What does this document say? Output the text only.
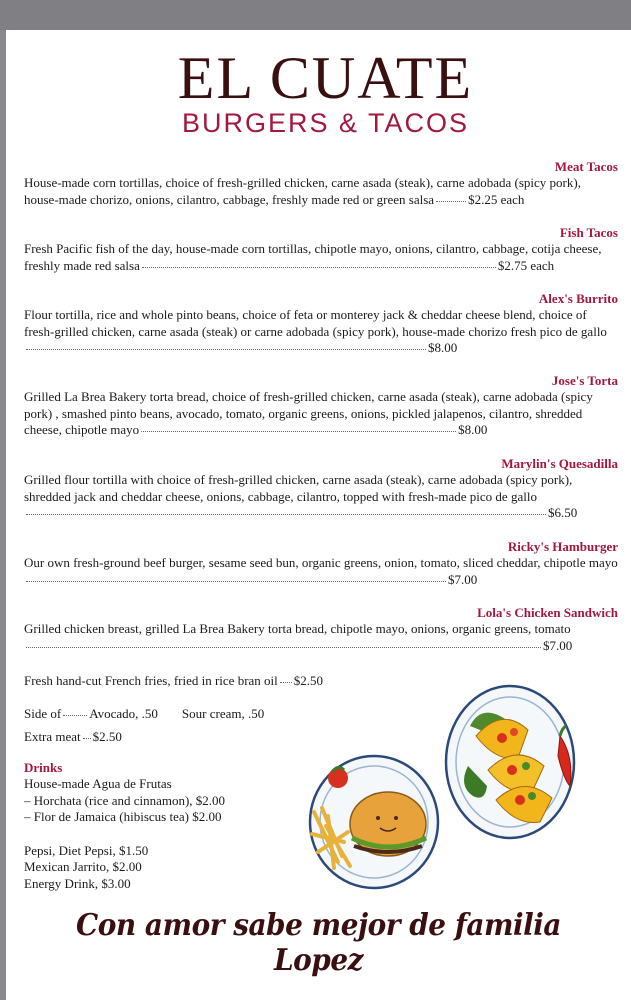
EL CUATE
BURGERS & TACOS
Meat Tacos
House-made corn tortillas, choice of fresh-grilled chicken, carne asada (steak), carne adobada (spicy pork), house-made chorizo, onions, cilantro, cabbage, freshly made red or green salsa	$2.25 each
Fish Tacos
Fresh Pacific fish of the day, house-made corn tortillas, chipotle mayo, onions, cilantro, cabbage, cotija cheese, freshly made red salsa	$2.75 each
Alex's Burrito
Flour tortilla, rice and whole pinto beans, choice of feta or monterey jack & cheddar cheese blend, choice of fresh-grilled chicken, carne asada (steak) or carne adobada (spicy pork), house-made chorizo fresh pico de gallo$8.00
Jose's Torta
Grilled La Brea Bakery torta bread, choice of fresh-grilled chicken, carne asada (steak), carne adobada (spicy pork) , smashed pinto beans, avocado, tomato, organic greens, onions, pickled jalapenos, cilantro, shredded cheese, chipotle mayo	$8.00
Marylin's Quesadilla
Grilled flour tortilla with choice of fresh-grilled chicken, carne asada (steak), carne adobada (spicy pork), shredded jack and cheddar cheese, onions, cabbage, cilantro, topped with fresh-made pico de gallo$6.50
Ricky's Hamburger
Our own fresh-ground beef burger, sesame seed bun, organic greens, onion, tomato, sliced cheddar, chipotle mayo$7.00
Lola's Chicken Sandwich
Grilled chicken breast, grilled La Brea Bakery torta bread, chipotle mayo, onions, organic greens, tomato$7.00
Fresh hand-cut French fries, fried in rice bran oil $2.50
Side of Avocado, .50 Sour cream, .50
Extra meat $2.50
Drinks
House-made Agua de Frutas
– Horchata (rice and cinnamon), $2.00
– Flor de Jamaica (hibiscus tea) $2.00
Pepsi, Diet Pepsi, $1.50
Mexican Jarrito, $2.00
Energy Drink, $3.00
Con amor sabe mejor de familia Lopez
